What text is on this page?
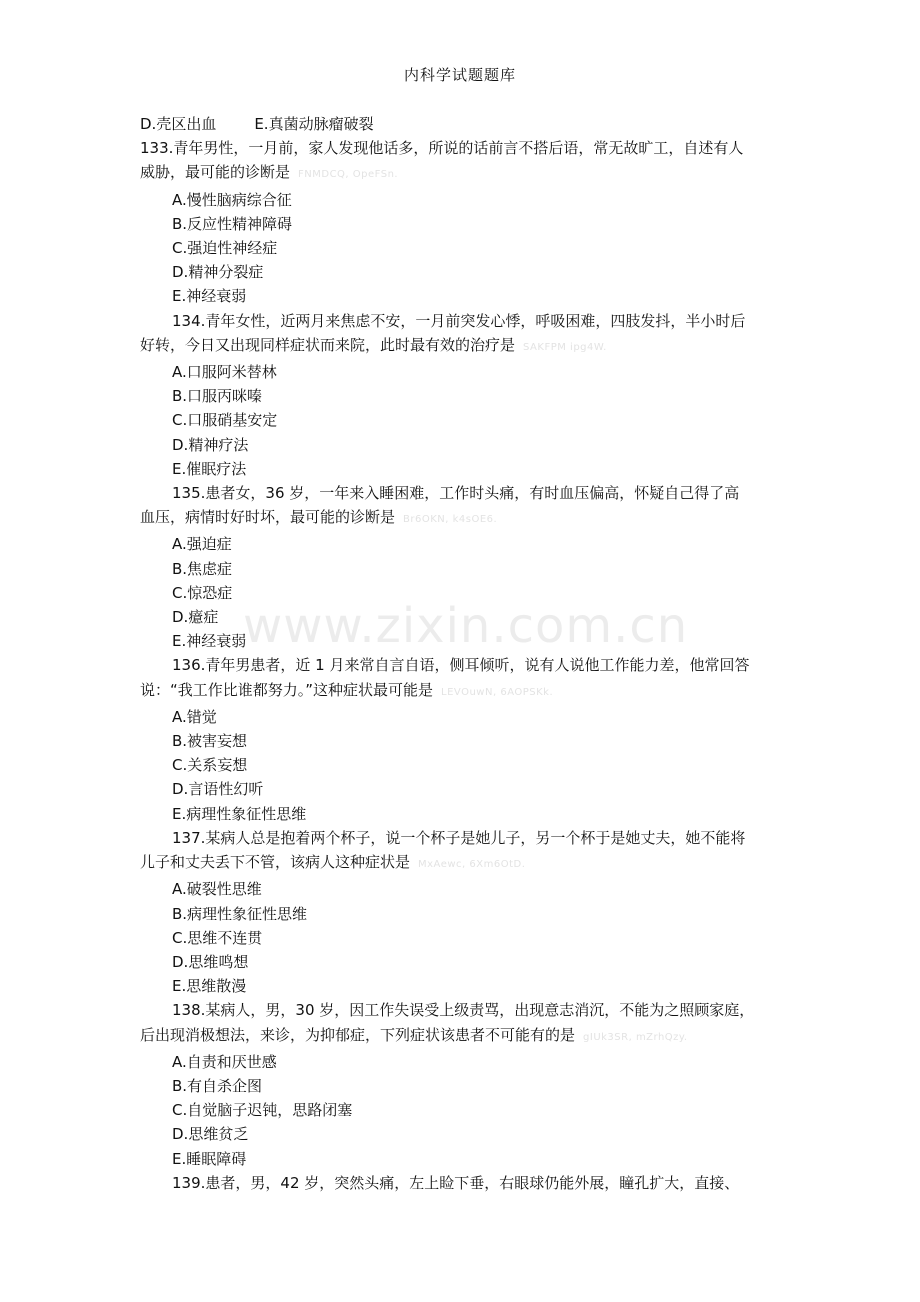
内科学试题题库
D.壳区出血	E.真菌动脉瘤破裂
133.青年男性，一月前，家人发现他话多，所说的话前言不搭后语，常无故旷工，自述有人
威胁，最可能的诊断是 FNMDCQ, OpeFSn.
A.慢性脑病综合征
B.反应性精神障碍
C.强迫性神经症
D.精神分裂症
E.神经衰弱
134.青年女性，近两月来焦虑不安，一月前突发心悸，呼吸困难，四肢发抖，半小时后
好转，今日又出现同样症状而来院，此时最有效的治疗是 SAKFPM ipg4W.
A.口服阿米替林
B.口服丙咪嗪
C.口服硝基安定
D.精神疗法
E.催眠疗法
135.患者女，36 岁，一年来入睡困难，工作时头痛，有时血压偏高，怀疑自己得了高
血压，病情时好时坏，最可能的诊断是 Br6OKN, k4sOE6.
A.强迫症
B.焦虑症
C.惊恐症
D.癔症
E.神经衰弱
136.青年男患者，近 1 月来常自言自语，侧耳倾听，说有人说他工作能力差，他常回答
说：“我工作比谁都努力。”这种症状最可能是 LEVOuwN, 6AOPSKk.
A.错觉
B.被害妄想
C.关系妄想
D.言语性幻听
E.病理性象征性思维
137.某病人总是抱着两个杯子，说一个杯子是她儿子，另一个杯于是她丈夫，她不能将
儿子和丈夫丢下不管，该病人这种症状是 MxAewc, 6Xm6OtD.
A.破裂性思维
B.病理性象征性思维
C.思维不连贯
D.思维鸣想
E.思维散漫
138.某病人，男，30 岁，因工作失误受上级责骂，出现意志消沉，不能为之照顾家庭，
后出现消极想法，来诊，为抑郁症，下列症状该患者不可能有的是 gIUk3SR, mZrhQzy.
A.自责和厌世感
B.有自杀企图
C.自觉脑子迟钝，思路闭塞
D.思维贫乏
E.睡眠障碍
139.患者，男，42 岁，突然头痛，左上睑下垂，右眼球仍能外展，瞳孔扩大，直接、
www.zixin.com.cn
